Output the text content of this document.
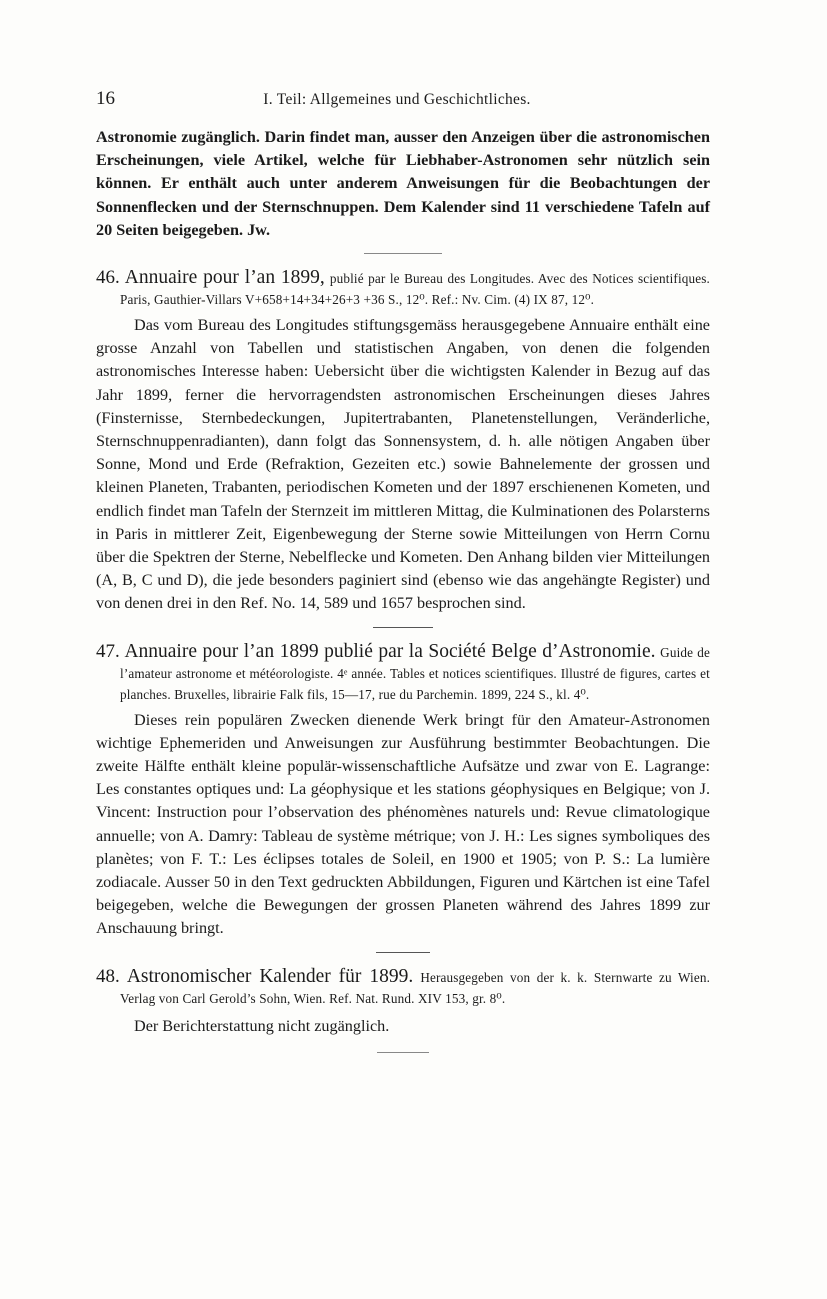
16	I. Teil: Allgemeines und Geschichtliches.

Astronomie zugänglich. Darin findet man, ausser den Anzeigen über die astronomischen Erscheinungen, viele Artikel, welche für Liebhaber-Astronomen sehr nützlich sein können. Er enthält auch unter anderem Anweisungen für die Beobachtungen der Sonnenflecken und der Sternschnuppen. Dem Kalender sind 11 verschiedene Tafeln auf 20 Seiten beigegeben. Jw.

46. Annuaire pour l’an 1899, publié par le Bureau des Longitudes. Avec des Notices scientifiques. Paris, Gauthier-Villars V+658+14+34+26+3 +36 S., 12⁰. Ref.: Nv. Cim. (4) IX 87, 12⁰.

Das vom Bureau des Longitudes stiftungsgemäss herausgegebene Annuaire enthält eine grosse Anzahl von Tabellen und statistischen Angaben, von denen die folgenden astronomisches Interesse haben: Uebersicht über die wichtigsten Kalender in Bezug auf das Jahr 1899, ferner die hervorragendsten astronomischen Erscheinungen dieses Jahres (Finsternisse, Sternbedeckungen, Jupitertrabanten, Planetenstellungen, Veränderliche, Sternschnuppenradianten), dann folgt das Sonnensystem, d. h. alle nötigen Angaben über Sonne, Mond und Erde (Refraktion, Gezeiten etc.) sowie Bahnelemente der grossen und kleinen Planeten, Trabanten, periodischen Kometen und der 1897 erschienenen Kometen, und endlich findet man Tafeln der Sternzeit im mittleren Mittag, die Kulminationen des Polarsterns in Paris in mittlerer Zeit, Eigenbewegung der Sterne sowie Mitteilungen von Herrn Cornu über die Spektren der Sterne, Nebelflecke und Kometen. Den Anhang bilden vier Mitteilungen (A, B, C und D), die jede besonders paginiert sind (ebenso wie das angehängte Register) und von denen drei in den Ref. No. 14, 589 und 1657 besprochen sind.

47. Annuaire pour l’an 1899 publié par la Société Belge d’Astronomie. Guide de l’amateur astronome et météorologiste. 4ᵉ année. Tables et notices scientifiques. Illustré de figures, cartes et planches. Bruxelles, librairie Falk fils, 15—17, rue du Parchemin. 1899, 224 S., kl. 4⁰.

Dieses rein populären Zwecken dienende Werk bringt für den Amateur-Astronomen wichtige Ephemeriden und Anweisungen zur Ausführung bestimmter Beobachtungen. Die zweite Hälfte enthält kleine populär-wissenschaftliche Aufsätze und zwar von E. Lagrange: Les constantes optiques und: La géophysique et les stations géophysiques en Belgique; von J. Vincent: Instruction pour l’observation des phénomènes naturels und: Revue climatologique annuelle; von A. Damry: Tableau de système métrique; von J. H.: Les signes symboliques des planètes; von F. T.: Les éclipses totales de Soleil, en 1900 et 1905; von P. S.: La lumière zodiacale. Ausser 50 in den Text gedruckten Abbildungen, Figuren und Kärtchen ist eine Tafel beigegeben, welche die Bewegungen der grossen Planeten während des Jahres 1899 zur Anschauung bringt.

48. Astronomischer Kalender für 1899. Herausgegeben von der k. k. Sternwarte zu Wien. Verlag von Carl Gerold’s Sohn, Wien. Ref. Nat. Rund. XIV 153, gr. 8⁰.

Der Berichterstattung nicht zugänglich.
